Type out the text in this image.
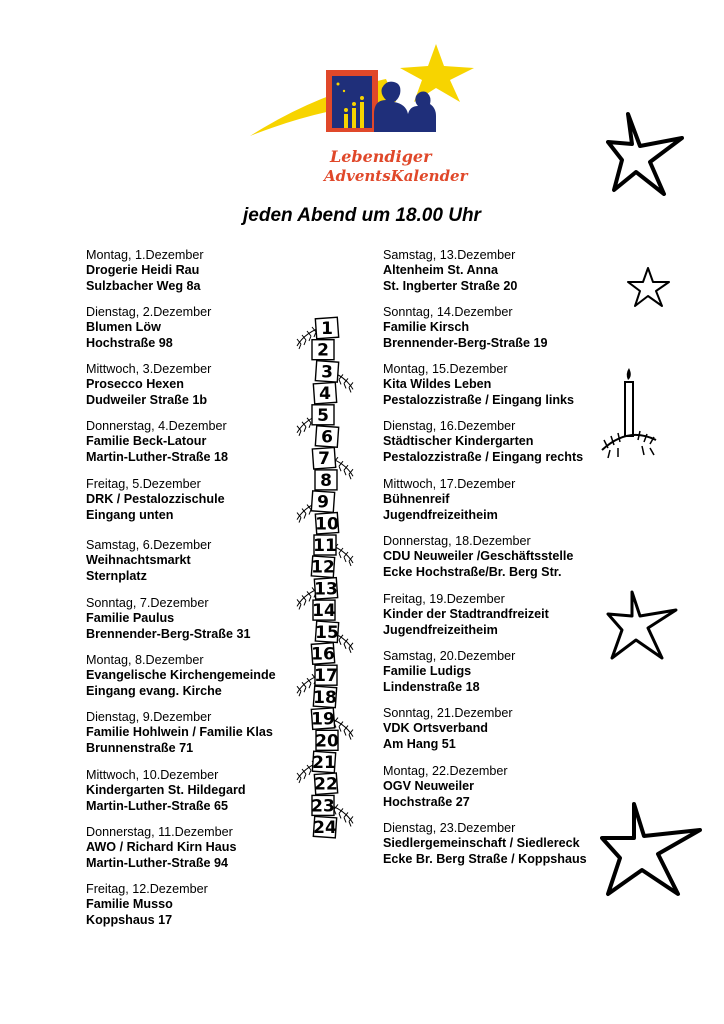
Lebendiger
AdventsKalender
jeden Abend um 18.00 Uhr
Montag, 1.Dezember
Drogerie Heidi Rau
Sulzbacher Weg 8a
Dienstag, 2.Dezember
Blumen Löw
Hochstraße 98
Mittwoch, 3.Dezember
Prosecco Hexen
Dudweiler Straße 1b
Donnerstag, 4.Dezember
Familie Beck-Latour
Martin-Luther-Straße 18
Freitag, 5.Dezember
DRK / Pestalozzischule
Eingang unten
Samstag, 6.Dezember
Weihnachtsmarkt
Sternplatz
Sonntag, 7.Dezember
Familie Paulus
Brennender-Berg-Straße 31
Montag, 8.Dezember
Evangelische Kirchengemeinde
Eingang evang. Kirche
Dienstag, 9.Dezember
Familie Hohlwein / Familie Klas
Brunnenstraße 71
Mittwoch, 10.Dezember
Kindergarten St. Hildegard
Martin-Luther-Straße 65
Donnerstag, 11.Dezember
AWO / Richard Kirn Haus
Martin-Luther-Straße 94
Freitag, 12.Dezember
Familie Musso
Koppshaus 17
Samstag, 13.Dezember
Altenheim St. Anna
St. Ingberter Straße 20
Sonntag, 14.Dezember
Familie Kirsch
Brennender-Berg-Straße 19
Montag, 15.Dezember
Kita Wildes Leben
Pestalozzistraße / Eingang links
Dienstag, 16.Dezember
Städtischer Kindergarten
Pestalozzistraße / Eingang rechts
Mittwoch, 17.Dezember
Bühnenreif
Jugendfreizeitheim
Donnerstag, 18.Dezember
CDU Neuweiler /Geschäftsstelle
Ecke Hochstraße/Br. Berg Str.
Freitag, 19.Dezember
Kinder der Stadtrandfreizeit
Jugendfreizeitheim
Samstag, 20.Dezember
Familie Ludigs
Lindenstraße 18
Sonntag, 21.Dezember
VDK Ortsverband
Am Hang 51
Montag, 22.Dezember
OGV Neuweiler
Hochstraße 27
Dienstag, 23.Dezember
Siedlergemeinschaft / Siedlereck
Ecke Br. Berg Straße / Koppshaus
1
2
3
4
5
6
7
8
9
10
11
12
13
14
15
16
17
18
19
20
21
22
23
24
